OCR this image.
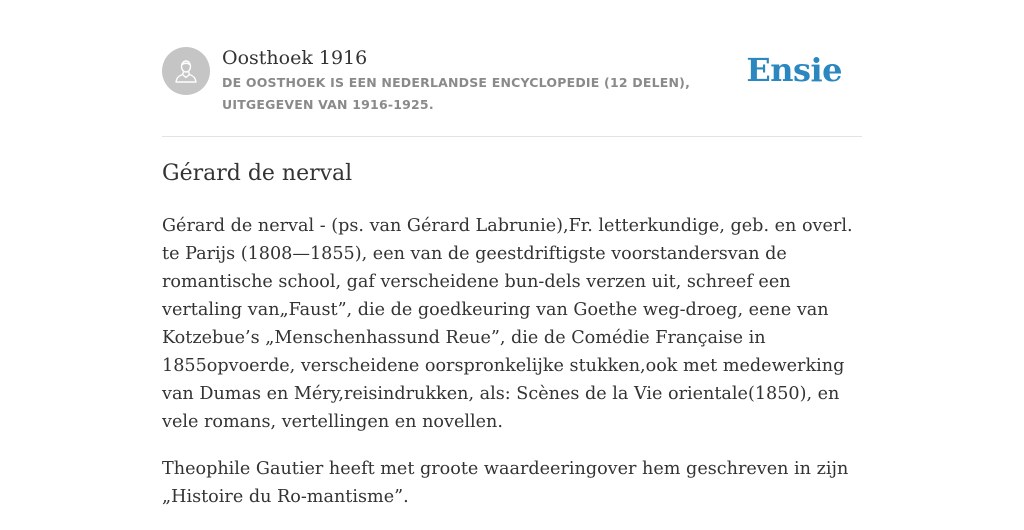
Oosthoek 1916
DE OOSTHOEK IS EEN NEDERLANDSE ENCYCLOPEDIE (12 DELEN), UITGEGEVEN VAN 1916-1925.
Ensie
Gérard de nerval

Gérard de nerval - (ps. van Gérard Labrunie),Fr. letterkundige, geb. en overl. te Parijs (1808—1855), een van de geestdriftigste voorstandersvan de romantische school, gaf verscheidene bun-dels verzen uit, schreef een vertaling van„Faust”, die de goedkeuring van Goethe weg-droeg, eene van Kotzebue’s „Menschenhassund Reue”, die de Comédie Française in 1855opvoerde, verscheidene oorspronkelijke stukken,ook met medewerking van Dumas en Méry,reisindrukken, als: Scènes de la Vie orientale(1850), en vele romans, vertellingen en novellen.

Theophile Gautier heeft met groote waardeeringover hem geschreven in zijn „Histoire du Ro-mantisme”.
